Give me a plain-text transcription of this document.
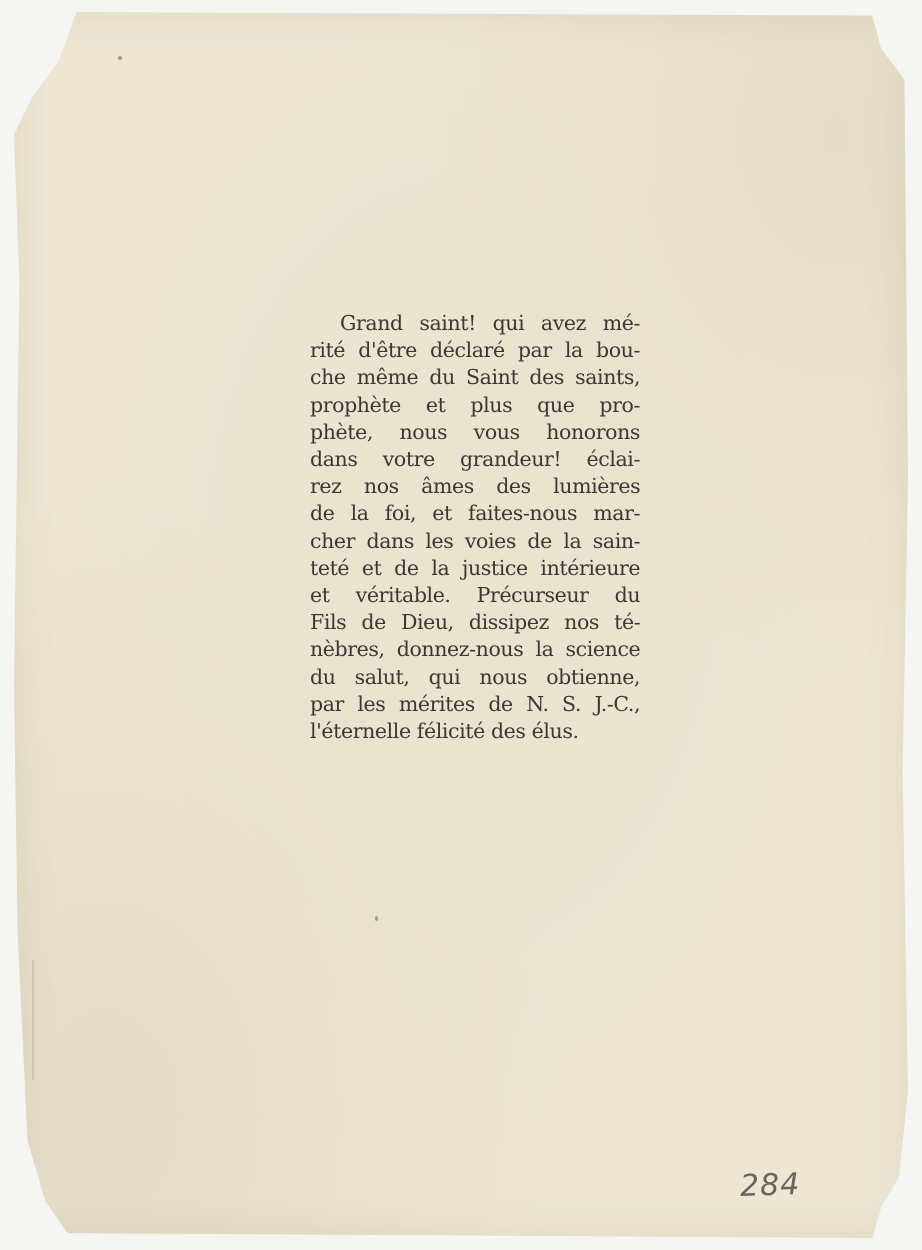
Grand saint! qui avez mé-
rité d'être déclaré par la bou-
che même du Saint des saints,
prophète et plus que pro-
phète, nous vous honorons
dans votre grandeur! éclai-
rez nos âmes des lumières
de la foi, et faites-nous mar-
cher dans les voies de la sain-
teté et de la justice intérieure
et véritable. Précurseur du
Fils de Dieu, dissipez nos té-
nèbres, donnez-nous la science
du salut, qui nous obtienne,
par les mérites de N. S. J.-C.,
l'éternelle félicité des élus.
284
